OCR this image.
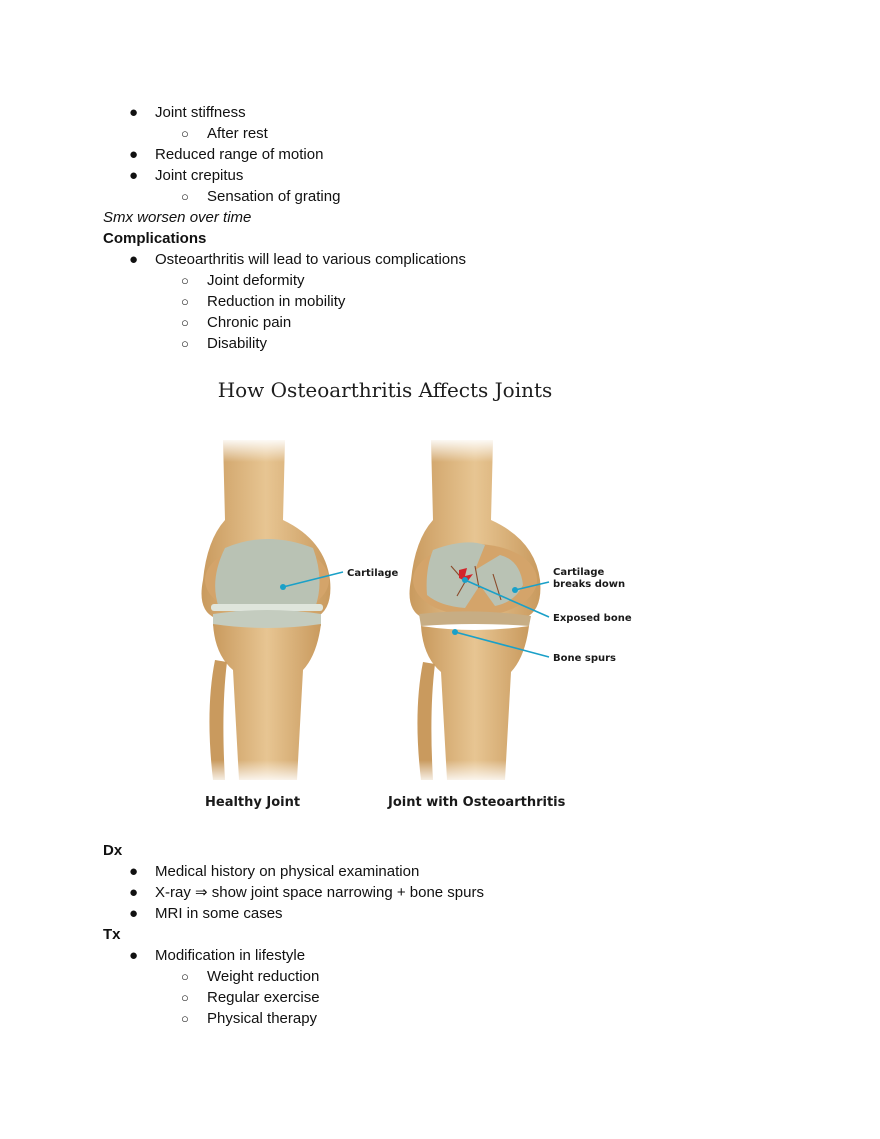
● Joint stiffness
○ After rest
● Reduced range of motion
● Joint crepitus
○ Sensation of grating
Smx worsen over time
Complications
● Osteoarthritis will lead to various complications
○ Joint deformity
○ Reduction in mobility
○ Chronic pain
○ Disability
Cartilage	Cartilage
breaks down
Exposed bone
Bone spurs
Healthy Joint	Joint with Osteoarthritis
How Osteoarthritis Affects Joints
Dx
● Medical history on physical examination
● X-ray ⇒ show joint space narrowing + bone spurs
● MRI in some cases
Tx
● Modification in lifestyle
○ Weight reduction
○ Regular exercise
○ Physical therapy
